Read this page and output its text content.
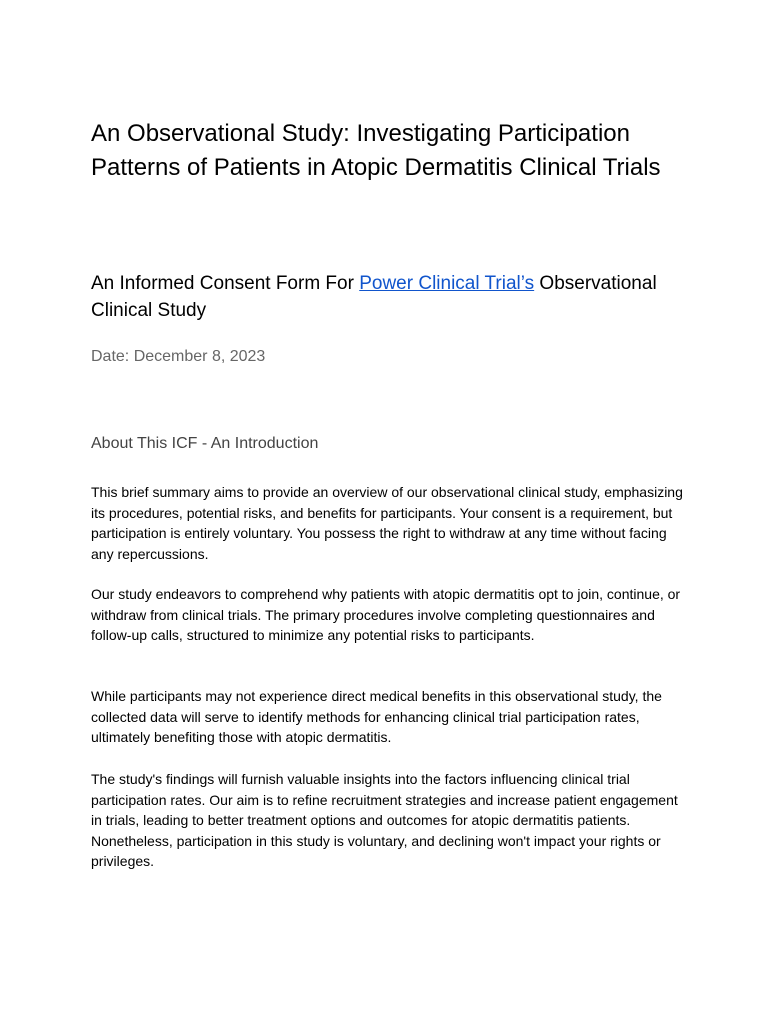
An Observational Study: Investigating Participation Patterns of Patients in Atopic Dermatitis Clinical Trials
An Informed Consent Form For Power Clinical Trial’s Observational Clinical Study

Date: December 8, 2023

About This ICF - An Introduction

This brief summary aims to provide an overview of our observational clinical study, emphasizing its procedures, potential risks, and benefits for participants. Your consent is a requirement, but participation is entirely voluntary. You possess the right to withdraw at any time without facing any repercussions.

Our study endeavors to comprehend why patients with atopic dermatitis opt to join, continue, or withdraw from clinical trials. The primary procedures involve completing questionnaires and follow-up calls, structured to minimize any potential risks to participants.

While participants may not experience direct medical benefits in this observational study, the collected data will serve to identify methods for enhancing clinical trial participation rates, ultimately benefiting those with atopic dermatitis.

The study's findings will furnish valuable insights into the factors influencing clinical trial participation rates. Our aim is to refine recruitment strategies and increase patient engagement in trials, leading to better treatment options and outcomes for atopic dermatitis patients. Nonetheless, participation in this study is voluntary, and declining won't impact your rights or privileges.
